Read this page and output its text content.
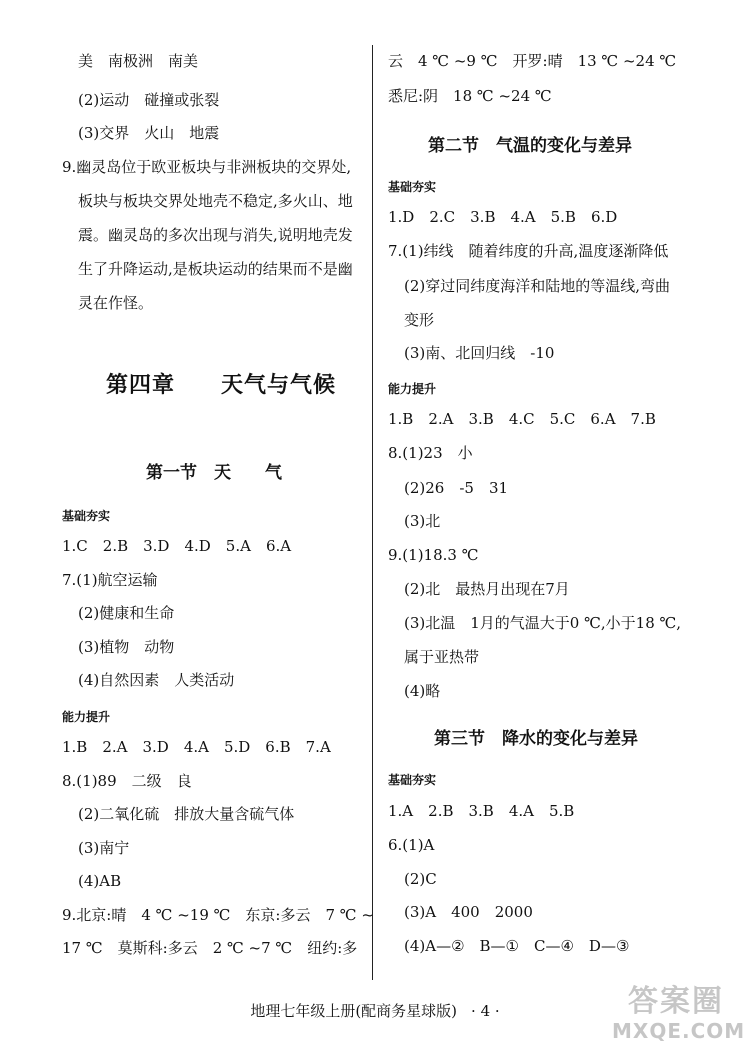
美　南极洲　南美
(2)运动　碰撞或张裂
(3)交界　火山　地震
9.幽灵岛位于欧亚板块与非洲板块的交界处,
板块与板块交界处地壳不稳定,多火山、地
震。幽灵岛的多次出现与消失,说明地壳发
生了升降运动,是板块运动的结果而不是幽
灵在作怪。
第四章　　天气与气候
第一节　天　　气
基础夯实
1.C　2.B　3.D　4.D　5.A　6.A
7.(1)航空运输
(2)健康和生命
(3)植物　动物
(4)自然因素　人类活动
能力提升
1.B　2.A　3.D　4.A　5.D　6.B　7.A
8.(1)89　二级　良
(2)二氧化硫　排放大量含硫气体
(3)南宁
(4)AB
9.北京:晴　4 ℃ ~19 ℃　东京:多云　7 ℃ ~
17 ℃　莫斯科:多云　2 ℃ ~7 ℃　纽约:多
云　4 ℃ ~9 ℃　开罗:晴　13 ℃ ~24 ℃
悉尼:阴　18 ℃ ~24 ℃
第二节　气温的变化与差异
基础夯实
1.D　2.C　3.B　4.A　5.B　6.D
7.(1)纬线　随着纬度的升高,温度逐渐降低
(2)穿过同纬度海洋和陆地的等温线,弯曲
变形
(3)南、北回归线　-10
能力提升
1.B　2.A　3.B　4.C　5.C　6.A　7.B
8.(1)23　小
(2)26　-5　31
(3)北
9.(1)18.3 ℃
(2)北　最热月出现在7月
(3)北温　1月的气温大于0 ℃,小于18 ℃,
属于亚热带
(4)略
第三节　降水的变化与差异
基础夯实
1.A　2.B　3.B　4.A　5.B
6.(1)A
(2)C
(3)A　400　2000
(4)A—②　B—①　C—④　D—③
地理七年级上册(配商务星球版) · 4 ·	答案圈
MXQE.COM
